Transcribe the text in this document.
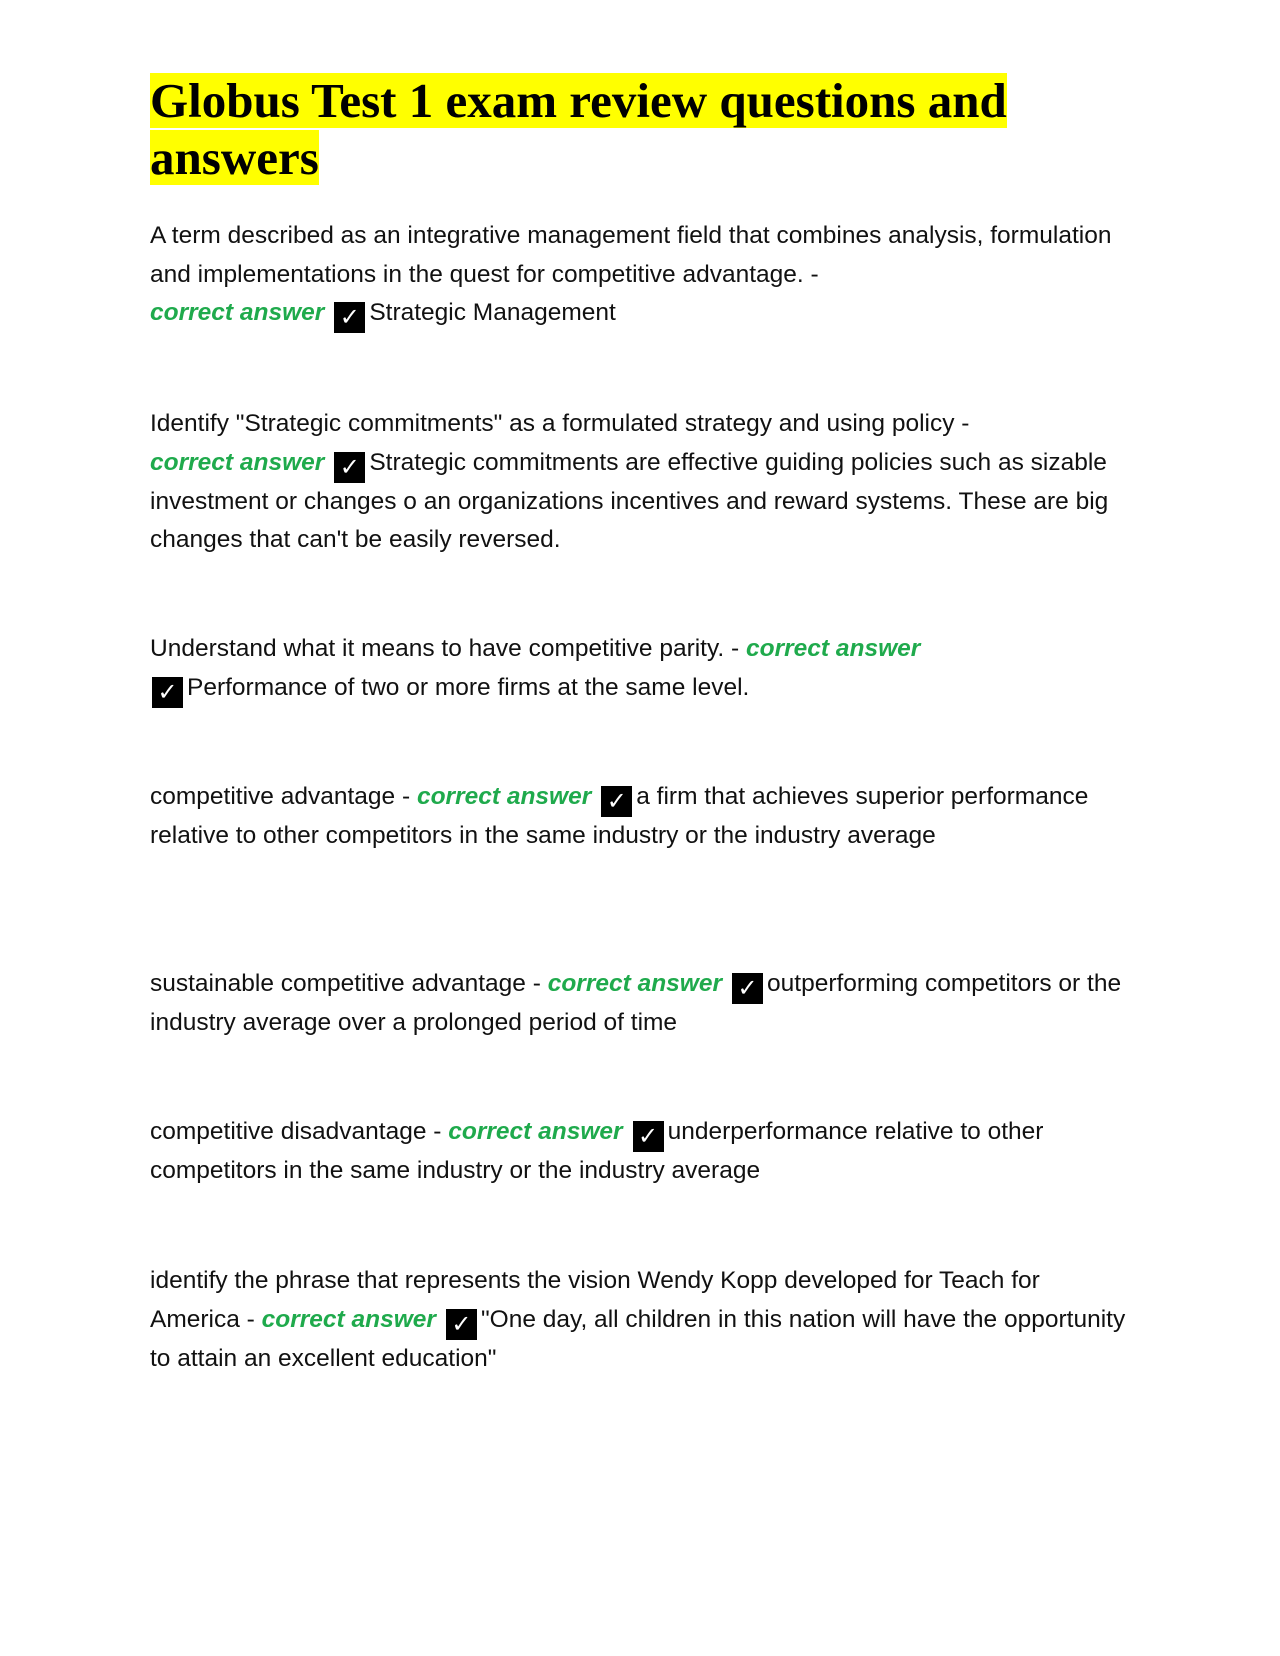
Globus Test 1 exam review questions and answers
A term described as an integrative management field that combines analysis, formulation and implementations in the quest for competitive advantage. -
correct answer ✓ Strategic Management
Identify "Strategic commitments" as a formulated strategy and using policy -
correct answer ✓ Strategic commitments are effective guiding policies such as sizable investment or changes o an organizations incentives and reward systems. These are big changes that can't be easily reversed.
Understand what it means to have competitive parity. - correct answer
✓ Performance of two or more firms at the same level.
competitive advantage - correct answer ✓ a firm that achieves superior performance relative to other competitors in the same industry or the industry average
sustainable competitive advantage - correct answer ✓ outperforming competitors or the industry average over a prolonged period of time
competitive disadvantage - correct answer ✓ underperformance relative to other competitors in the same industry or the industry average
identify the phrase that represents the vision Wendy Kopp developed for Teach for America - correct answer ✓ "One day, all children in this nation will have the opportunity to attain an excellent education"
